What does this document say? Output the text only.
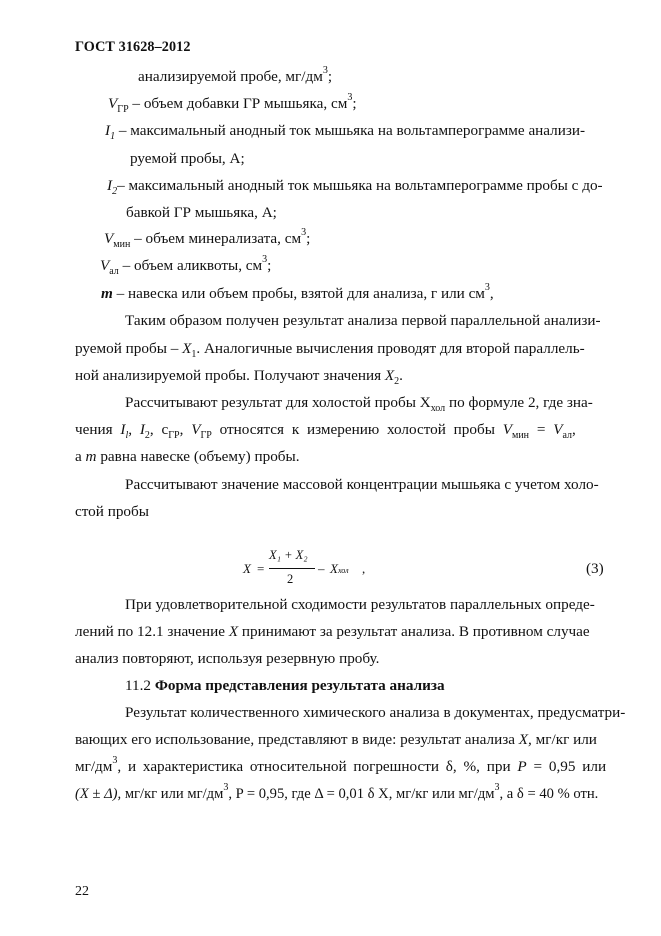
ГОСТ 31628–2012
анализируемой пробе, $мг/дм^3$;
$V_{ГР}$ – объем добавки ГР мышьяка, $см^3$;
$I_1$ – максимальный анодный ток мышьяка на вольтамперограмме анализи-
руемой пробы, А;
$I_2-$ максимальный анодный ток мышьяка на вольтамперограмме пробы с до-
бавкой ГР мышьяка, А;
$V_{мин}$ – объем минерализата, $см^3$;
$V_{ал}$ – объем аликвоты, $см^3$;
m – навеска или объем пробы, взятой для анализа, г или $см^3$,
Таким образом получен результат анализа первой параллельной анализи-
руемой пробы – $X_1$. Аналогичные вычисления проводят для второй параллель-
ной анализируемой пробы. Получают значения $X_2$.
Рассчитывают результат для холостой пробы $Х_{хол}$ по формуле 2, где зна-
чения $I_l$, $I_2$, $с_{ГР}$, $V_{ГР}$ относятся к измерению холостой пробы $V_{мин} = V_{ал}$,
а т равна навеске (объему) пробы.
Рассчитывают значение массовой концентрации мышьяка с учетом холо-
стой пробы
X =
X₁ + X₂
2
– Xхол ,	(3)
При удовлетворительной сходимости результатов параллельных опреде-
лений по 12.1 значение X принимают за результат анализа. В противном случае
анализ повторяют, используя резервную пробу.
11.2 Форма представления результата анализа
Результат количественного химического анализа в документах, предусматри-
вающих его использование, представляют в виде: результат анализа X, мг/кг или
$мг/дм^3$, и характеристика относительной погрешности δ, %, при P = 0,95 или
(X ± Δ), мг/кг или $мг/дм^3$, P = 0,95, где Δ = 0,01 δ X, мг/кг или $мг/дм^3$, а δ = 40 % отн.
22
